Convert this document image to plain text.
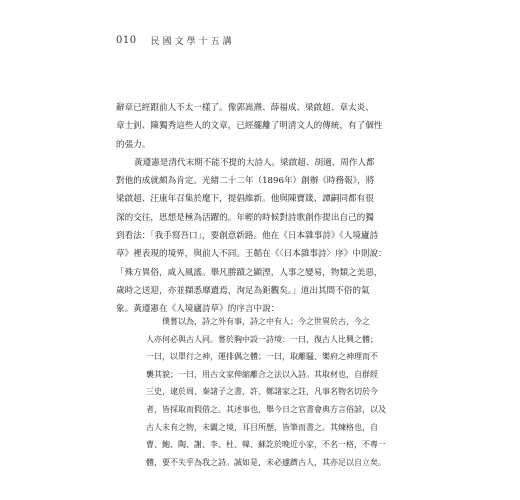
010 民國文學十五講

辭章已經跟前人不太一樣了。像郭嵩燾、薛福成、梁啟超、章太炎、
章士釗、陳獨秀這些人的文章，已經擺離了明清文人的傳統，有了個性
的張力。

黃遵憲是清代末期不能不提的大詩人。梁啟超、胡適、周作人都
對他的成就頗為肯定。光緒二十二年（1896年）創辦《時務報》，將
梁啟超、汪康年召集於麾下，提倡維新。他與陳寶箴、譚嗣同都有很
深的交往，思想是極為活躍的。年輕的時候對詩歌創作提出自己的獨
到看法：「我手寫吾口」，要創意新路。他在《日本雜事詩》《人境廬詩
草》裡表現的境界，與前人不同。王韜在《〈日本雜事詩〉序》中則說：
「殊方異俗，咸入風謠。舉凡勝蹟之顯湮，人事之變易，物類之美惡，
歲時之送迎，亦並擷悉靡遺焉，洵足為鉅觀矣。」道出其間不俗的氣
象。黃遵憲在《人境廬詩草》的序言中說：

僕嘗以為，詩之外有事，詩之中有人；今之世異於古，今之
人亦何必與古人同。嘗於胸中設一詩境：一曰，復古人比興之體；
一曰，以單行之神，運排偶之體；一曰，取離騷、樂府之神理而不
襲其貌；一曰，用古文家伸縮離合之法以入詩。其取材也，自群經
三史，逮於周、秦諸子之書，許、鄭諸家之註，凡事名物名切於今
者，皆採取而假借之。其述事也，舉今日之官書會典方言俗諺，以及
古人未有之物，未闢之境，耳目所歷，皆筆而書之。其煉格也，自
曹、鮑、陶、謝、李、杜、韓、蘇訖於晚近小家，不名一格，不專一
體，要不失乎為我之詩。誠如是，未必遽躋古人，其亦足以自立矣。
